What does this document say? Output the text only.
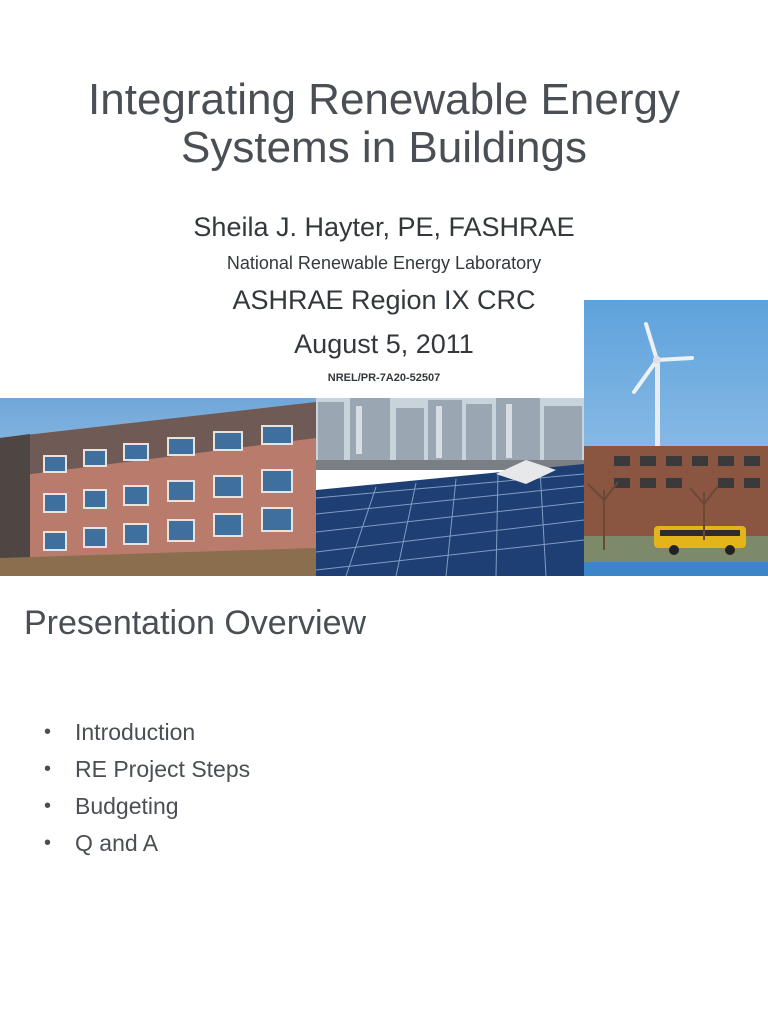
Integrating Renewable Energy
Systems in Buildings
Sheila J. Hayter, PE, FASHRAE
National Renewable Energy Laboratory
ASHRAE Region IX CRC
August 5, 2011
NREL/PR-7A20-52507
Presentation Overview
•	Introduction
•	RE Project Steps
•	Budgeting
•	Q and A
